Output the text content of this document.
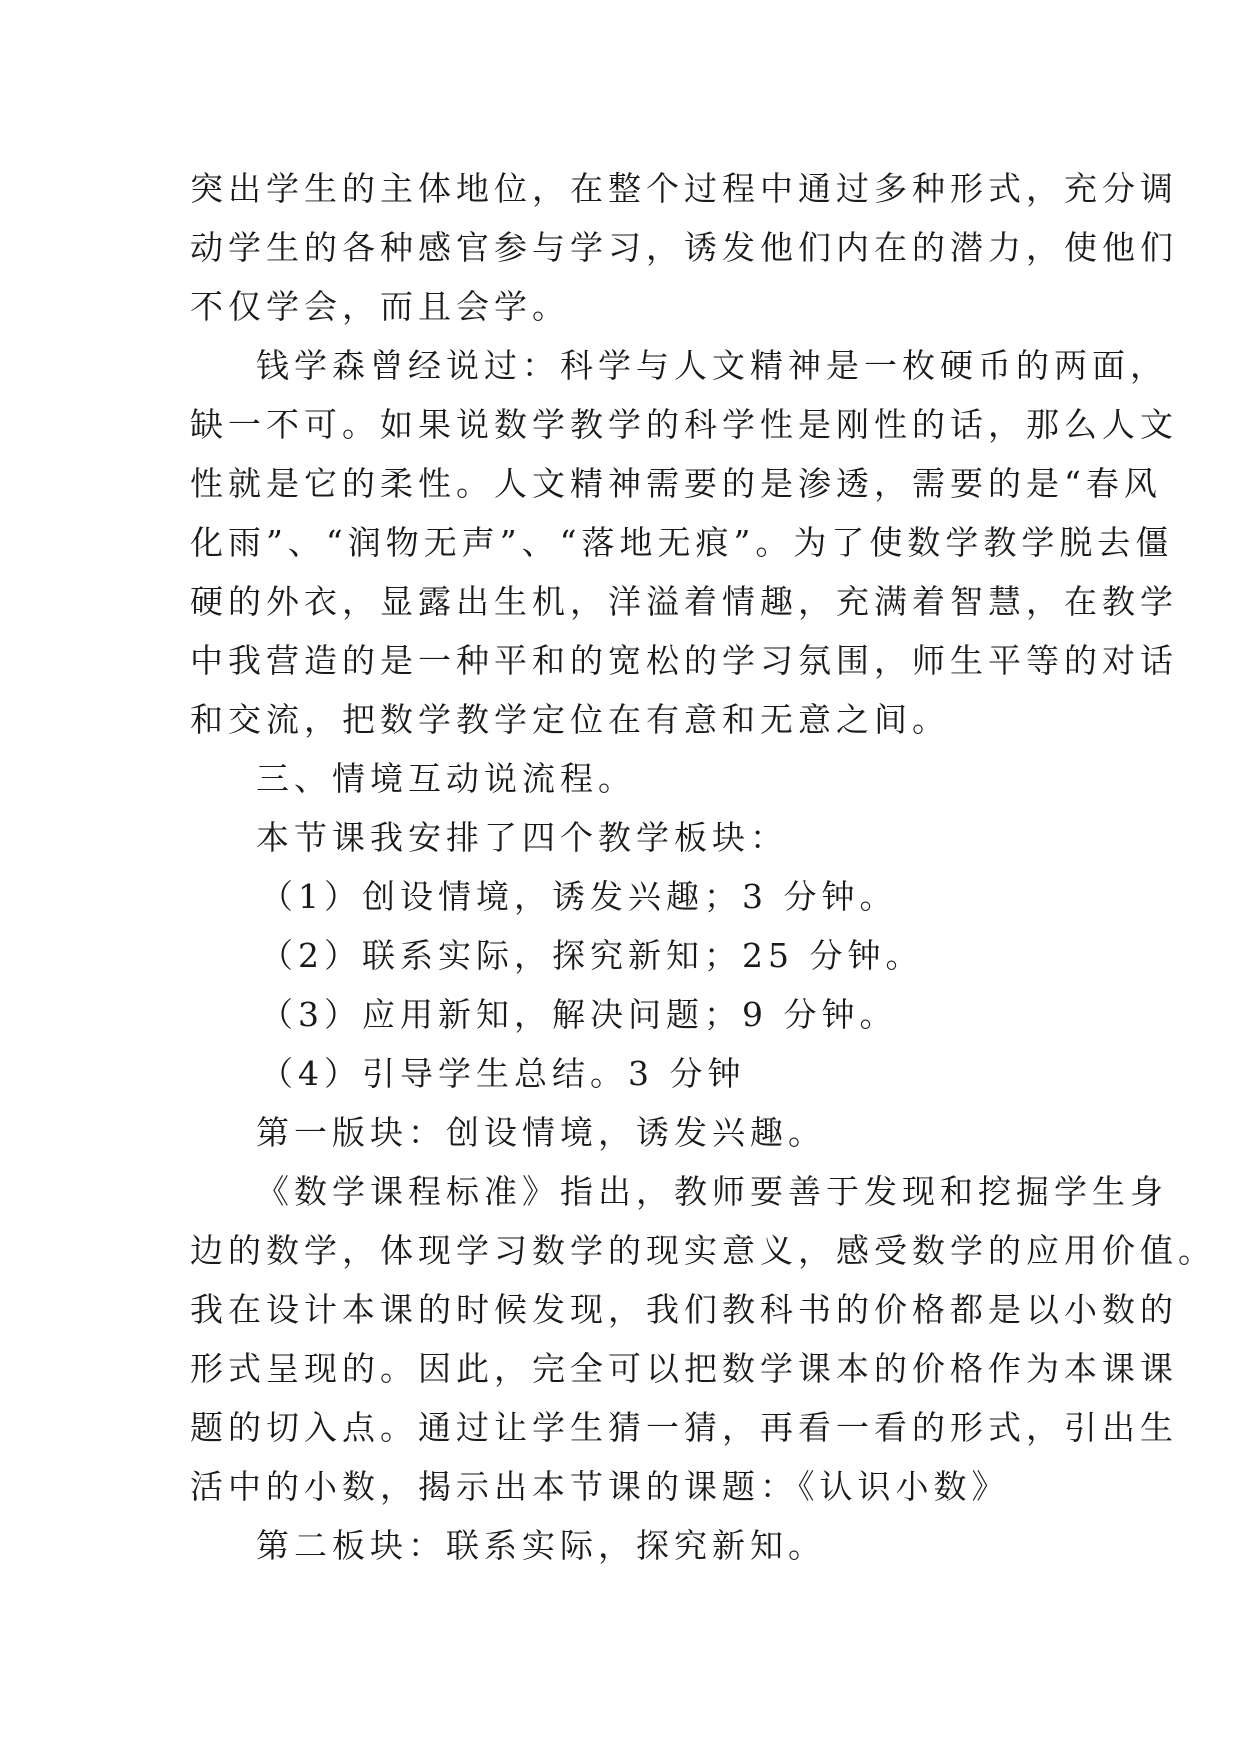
突出学生的主体地位，在整个过程中通过多种形式，充分调
动学生的各种感官参与学习，诱发他们内在的潜力，使他们
不仅学会，而且会学。
钱学森曾经说过：科学与人文精神是一枚硬币的两面，
缺一不可。如果说数学教学的科学性是刚性的话，那么人文
性就是它的柔性。人文精神需要的是渗透，需要的是“春风
化雨”、“润物无声”、“落地无痕”。为了使数学教学脱去僵
硬的外衣，显露出生机，洋溢着情趣，充满着智慧，在教学
中我营造的是一种平和的宽松的学习氛围，师生平等的对话
和交流，把数学教学定位在有意和无意之间。
三、情境互动说流程。
本节课我安排了四个教学板块：
（1）创设情境，诱发兴趣；3 分钟。
（2）联系实际，探究新知；25 分钟。
（3）应用新知，解决问题；9 分钟。
（4）引导学生总结。3 分钟
第一版块：创设情境，诱发兴趣。
《数学课程标准》指出，教师要善于发现和挖掘学生身
边的数学，体现学习数学的现实意义，感受数学的应用价值。
我在设计本课的时候发现，我们教科书的价格都是以小数的
形式呈现的。因此，完全可以把数学课本的价格作为本课课
题的切入点。通过让学生猜一猜，再看一看的形式，引出生
活中的小数，揭示出本节课的课题：《认识小数》
第二板块：联系实际，探究新知。
